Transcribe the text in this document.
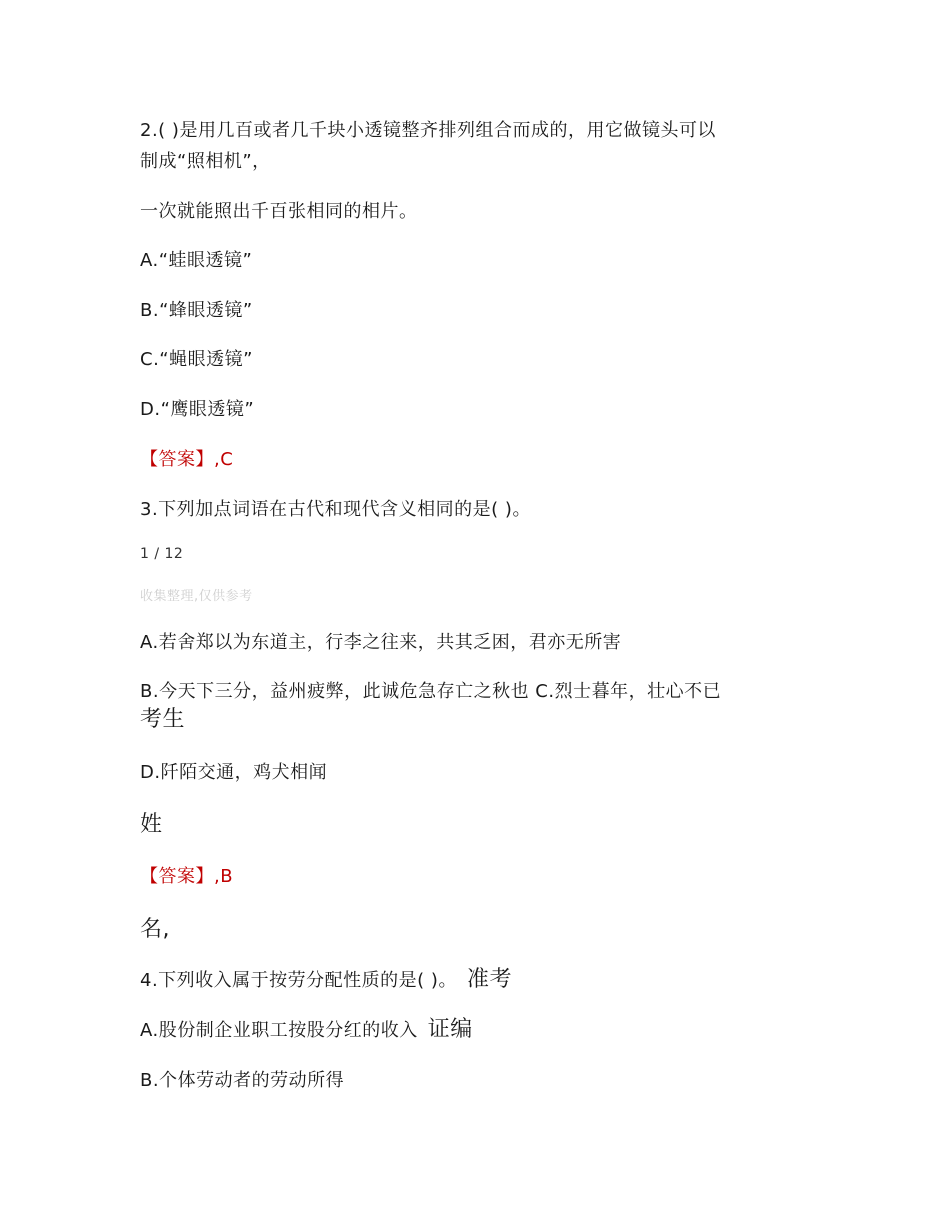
2.( )是用几百或者几千块小透镜整齐排列组合而成的，用它做镜头可以
制成“照相机”，
一次就能照出千百张相同的相片。
A.“蛙眼透镜”
B.“蜂眼透镜”
C.“蝇眼透镜”
D.“鹰眼透镜”
【答案】,C
3.下列加点词语在古代和现代含义相同的是( )。
1 / 12
收集整理,仅供参考
A.若舍郑以为东道主，行李之往来，共其乏困，君亦无所害
B.今天下三分，益州疲弊，此诚危急存亡之秋也 C.烈士暮年，壮心不已
考生
D.阡陌交通，鸡犬相闻
姓
【答案】,B
名,
4.下列收入属于按劳分配性质的是( )。 准考
A.股份制企业职工按股分红的收入 证编
B.个体劳动者的劳动所得
